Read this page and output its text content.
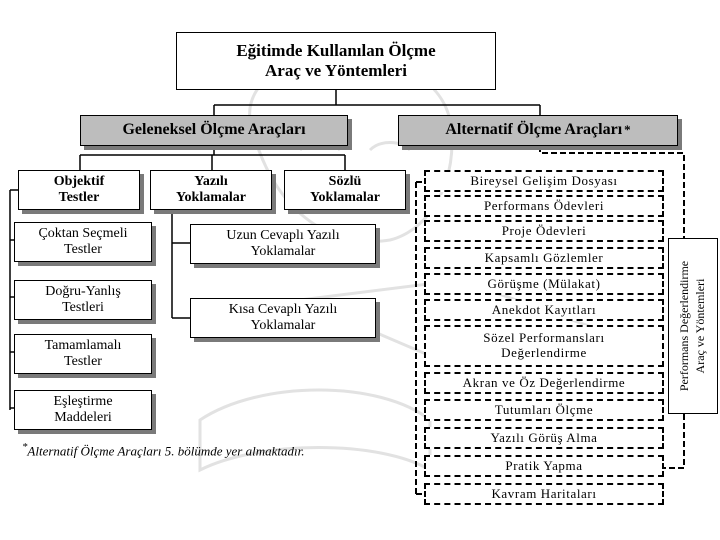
Eğitimde Kullanılan Ölçme
Araç ve Yöntemleri
Geleneksel Ölçme Araçları	Alternatif Ölçme Araçları *
Objektif
Testler
Yazılı
Yoklamalar
Sözlü
Yoklamalar
Çoktan Seçmeli
Testler
Doğru-Yanlış
Testleri
Tamamlamalı
Testler
Eşleştirme
Maddeleri
Uzun Cevaplı Yazılı
Yoklamalar
Kısa Cevaplı Yazılı
Yoklamalar
Bireysel Gelişim Dosyası
Performans Ödevleri
Proje Ödevleri
Kapsamlı Gözlemler
Görüşme (Mülakat)
Anekdot Kayıtları
Sözel Performansları
Değerlendirme
Akran ve Öz Değerlendirme
Tutumları Ölçme
Yazılı Görüş Alma
Pratik Yapma
Kavram Haritaları
Performans Değerlendirme Araç ve Yöntemleri
*Alternatif Ölçme Araçları 5. bölümde yer almaktadır.
